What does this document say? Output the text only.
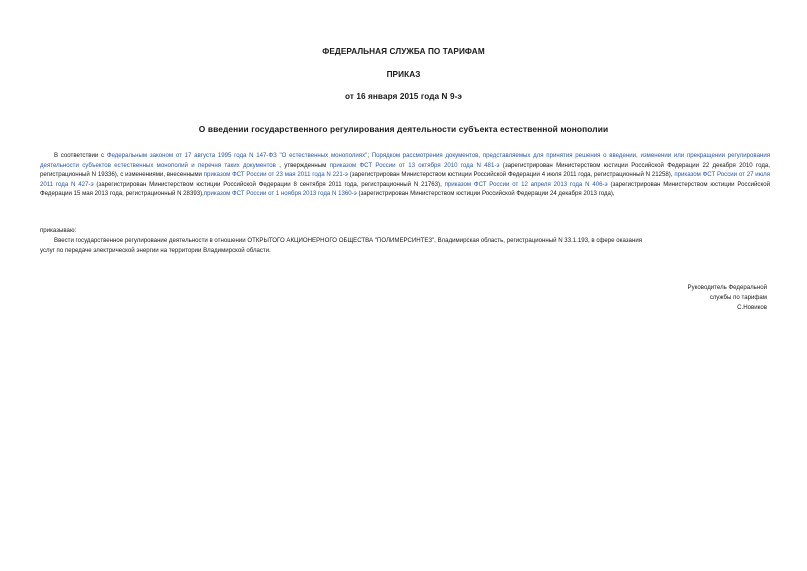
ФЕДЕРАЛЬНАЯ СЛУЖБА ПО ТАРИФАМ
ПРИКАЗ
от 16 января 2015 года N 9-э
О введении государственного регулирования деятельности субъекта естественной монополии
В соответствии с Федеральным законом от 17 августа 1995 года N 147-ФЗ "О естественных монополиях"; Порядком рассмотрения документов, представляемых для принятия решения о введении, изменении или прекращении регулирования деятельности субъектов естественных монополий и перечня таких документов , утвержденным приказом ФСТ России от 13 октября 2010 года N 481-э (зарегистрирован Министерством юстиции Российской Федерации 22 декабря 2010 года, регистрационный N 19336), с изменениями, внесенными приказом ФСТ России от 23 мая 2011 года N 221-э (зарегистрирован Министерством юстиции Российской Федерации 4 июля 2011 года, регистрационный N 21258), приказом ФСТ России от 27 июля 2011 года N 427-э (зарегистрирован Министерством юстиции Российской Федерации 8 сентября 2011 года, регистрационный N 21763), приказом ФСТ России от 12 апреля 2013 года N 406-э (зарегистрирован Министерством юстиции Российской Федерации 15 мая 2013 года, регистрационный N 28393),приказом ФСТ России от 1 ноября 2013 года N 1360-э (зарегистрирован Министерством юстиции Российской Федерации 24 декабря 2013 года),
приказываю:
Ввести государственное регулирование деятельности в отношении ОТКРЫТОГО АКЦИОНЕРНОГО ОБЩЕСТВА "ПОЛИМЕРСИНТЕЗ", Владимирская область, регистрационный N 33.1.193, в сфере оказания
услуг по передаче электрической энергии на территории Владимирской области.
Руководитель Федеральной
службы по тарифам
С.Новиков
